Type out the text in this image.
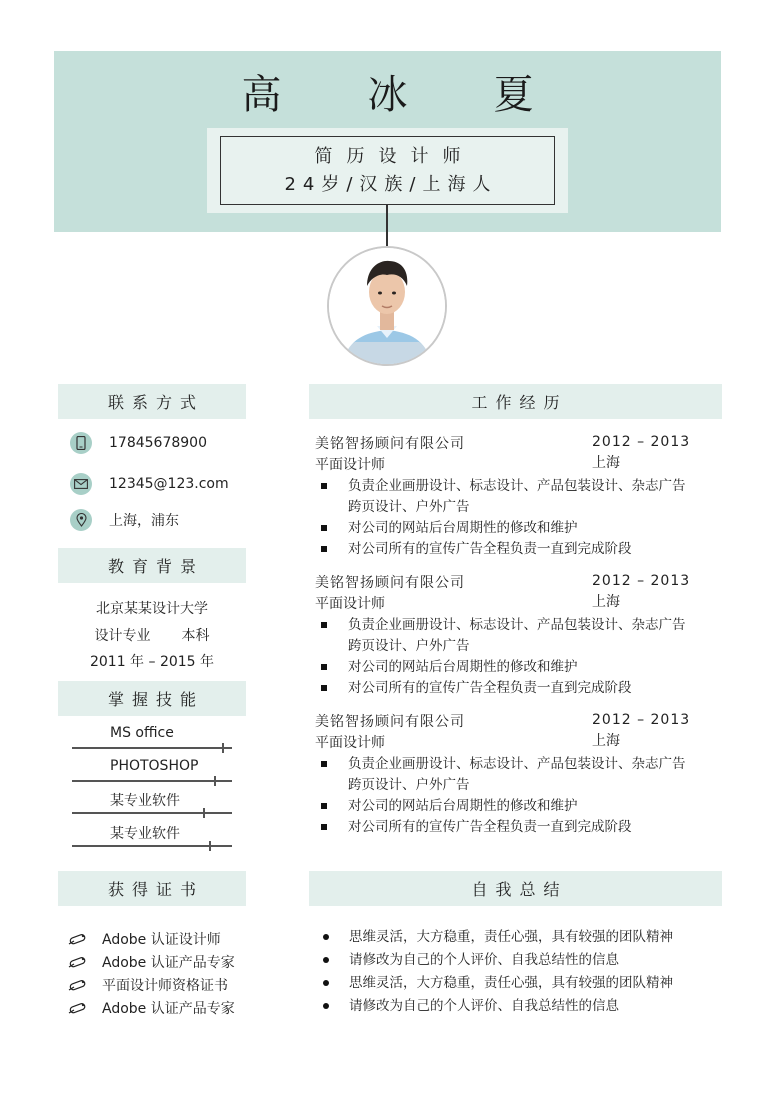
高 冰 夏
简历设计师
24岁/汉族/上海人
联系方式
17845678900
12345@123.com
上海，浦东
教育背景
北京某某设计大学
设计专业 本科
2011 年 – 2015 年
掌握技能
MS office
PHOTOSHOP
某专业软件
某专业软件
获得证书
Adobe 认证设计师
Adobe 认证产品专家
平面设计师资格证书
Adobe 认证产品专家
工作经历
美铭智扬顾问有限公司	2012 – 2013
平面设计师	上海
负责企业画册设计、标志设计、产品包装设计、杂志广告跨页设计、户外广告
对公司的网站后台周期性的修改和维护
对公司所有的宣传广告全程负责一直到完成阶段
美铭智扬顾问有限公司	2012 – 2013
平面设计师	上海
负责企业画册设计、标志设计、产品包装设计、杂志广告跨页设计、户外广告
对公司的网站后台周期性的修改和维护
对公司所有的宣传广告全程负责一直到完成阶段
美铭智扬顾问有限公司	2012 – 2013
平面设计师	上海
负责企业画册设计、标志设计、产品包装设计、杂志广告跨页设计、户外广告
对公司的网站后台周期性的修改和维护
对公司所有的宣传广告全程负责一直到完成阶段
自我总结
思维灵活，大方稳重，责任心强，具有较强的团队精神
请修改为自己的个人评价、自我总结性的信息
思维灵活，大方稳重，责任心强，具有较强的团队精神
请修改为自己的个人评价、自我总结性的信息
